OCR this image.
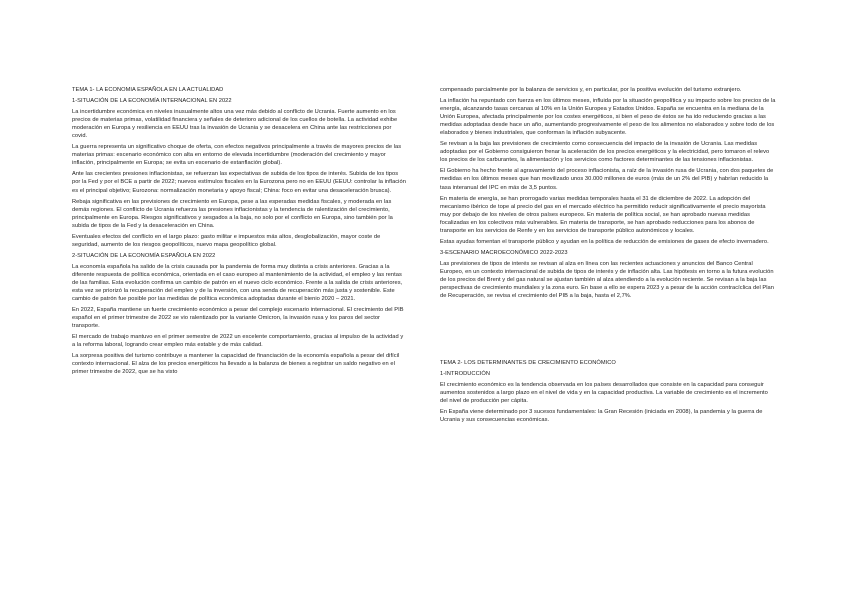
TEMA 1- LA ECONOMIA ESPAÑOLA EN LA ACTUALIDAD

1-SITUACIÓN DE LA ECONOMÍA INTERNACIONAL EN 2022

La incertidumbre económica en niveles inusualmente altos una vez más debido al conflicto de Ucrania. Fuerte aumento en los precios de materias primas, volatilidad financiera y señales de deterioro adicional de los cuellos de botella. La actividad exhibe moderación en Europa y resiliencia en EEUU tras la invasión de Ucrania y se desacelera en China ante las restricciones por covid.

La guerra representa un significativo choque de oferta, con efectos negativos principalmente a través de mayores precios de las materias primas: escenario económico con alta en entorno de elevada incertidumbre (moderación del crecimiento y mayor inflación, principalmente en Europa; se evita un escenario de estanflación global).

Ante las crecientes presiones inflacionistas, se refuerzan las expectativas de subida de los tipos de interés. Subida de los tipos por la Fed y por el BCE a partir de 2022; nuevos estímulos fiscales en la Eurozona pero no en EEUU (EEUU: controlar la inflación es el principal objetivo; Eurozona: normalización monetaria y apoyo fiscal; China: foco en evitar una desaceleración brusca).

Rebaja significativa en las previsiones de crecimiento en Europa, pese a las esperadas medidas fiscales, y moderada en las demás regiones. El conflicto de Ucrania refuerza las presiones inflacionistas y la tendencia de ralentización del crecimiento, principalmente en Europa. Riesgos significativos y sesgados a la baja, no solo por el conflicto en Europa, sino también por la subida de tipos de la Fed y la desaceleración en China.

Eventuales efectos del conflicto en el largo plazo: gasto militar e impuestos más altos, desglobalización, mayor coste de seguridad, aumento de los riesgos geopolíticos, nuevo mapa geopolítico global.

2-SITUACIÓN DE LA ECONOMÍA ESPAÑOLA EN 2022

La economía española ha salido de la crisis causada por la pandemia de forma muy distinta a crisis anteriores. Gracias a la diferente respuesta de política económica, orientada en el caso europeo al mantenimiento de la actividad, el empleo y las rentas de las familias. Esta evolución confirma un cambio de patrón en el nuevo ciclo económico. Frente a la salida de crisis anteriores, esta vez se priorizó la recuperación del empleo y de la inversión, con una senda de recuperación más justa y sostenible. Este cambio de patrón fue posible por las medidas de política económica adoptadas durante el bienio 2020 – 2021.

En 2022, España mantiene un fuerte crecimiento económico a pesar del complejo escenario internacional. El crecimiento del PIB español en el primer trimestre de 2022 se vio ralentizado por la variante Omicron, la invasión rusa y los paros del sector transporte.

El mercado de trabajo mantuvo en el primer semestre de 2022 un excelente comportamiento, gracias al impulso de la actividad y a la reforma laboral, logrando crear empleo más estable y de más calidad.

La sorpresa positiva del turismo contribuye a mantener la capacidad de financiación de la economía española a pesar del difícil contexto internacional. El alza de los precios energéticos ha llevado a la balanza de bienes a registrar un saldo negativo en el primer trimestre de 2022, que se ha visto

compensado parcialmente por la balanza de servicios y, en particular, por la positiva evolución del turismo extranjero.

La inflación ha repuntado con fuerza en los últimos meses, influida por la situación geopolítica y su impacto sobre los precios de la energía, alcanzando tasas cercanas al 10% en la Unión Europea y Estados Unidos. España se encuentra en la mediana de la Unión Europea, afectada principalmente por los costes energéticos, si bien el peso de éstos se ha ido reduciendo gracias a las medidas adoptadas desde hace un año, aumentando progresivamente el peso de los alimentos no elaborados y sobre todo de los elaborados y bienes industriales, que conforman la inflación subyacente.

Se revisan a la baja las previsiones de crecimiento como consecuencia del impacto de la invasión de Ucrania. Las medidas adoptadas por el Gobierno consiguieron frenar la aceleración de los precios energéticos y la electricidad, pero tomaron el relevo los precios de los carburantes, la alimentación y los servicios como factores determinantes de las tensiones inflacionistas.

El Gobierno ha hecho frente al agravamiento del proceso inflacionista, a raíz de la invasión rusa de Ucrania, con dos paquetes de medidas en los últimos meses que han movilizado unos 30.000 millones de euros (más de un 2% del PIB) y habrían reducido la tasa interanual del IPC en más de 3,5 puntos.

En materia de energía, se han prorrogado varias medidas temporales hasta el 31 de diciembre de 2022. La adopción del mecanismo ibérico de tope al precio del gas en el mercado eléctrico ha permitido reducir significativamente el precio mayorista muy por debajo de los niveles de otros países europeos. En materia de política social, se han aprobado nuevas medidas focalizadas en los colectivos más vulnerables. En materia de transporte, se han aprobado reducciones para los abonos de transporte en los servicios de Renfe y en los servicios de transporte público autonómicos y locales.

Estas ayudas fomentan el transporte público y ayudan en la política de reducción de emisiones de gases de efecto invernadero.

3-ESCENARIO MACROECONÓMICO 2022-2023

Las previsiones de tipos de interés se revisan al alza en línea con las recientes actuaciones y anuncios del Banco Central Europeo, en un contexto internacional de subida de tipos de interés y de inflación alta. Las hipótesis en torno a la futura evolución de los precios del Brent y del gas natural se ajustan también al alza atendiendo a la evolución reciente. Se revisan a la baja las perspectivas de crecimiento mundiales y la zona euro. En base a ello se espera 2023 y a pesar de la acción contracíclica del Plan de Recuperación, se revisa el crecimiento del PIB a la baja, hasta el 2,7%.

TEMA 2- LOS DETERMINANTES DE CRECIMIENTO ECONÓMICO

1-INTRODUCCIÓN

El crecimiento económico es la tendencia observada en los países desarrollados que consiste en la capacidad para conseguir aumentos sostenidos a largo plazo en el nivel de vida y en la capacidad productiva. La variable de crecimiento es el incremento del nivel de producción per cápita.

En España viene determinado por 3 sucesos fundamentales: la Gran Recesión (iniciada en 2008), la pandemia y la guerra de Ucrania y sus consecuencias económicas.
